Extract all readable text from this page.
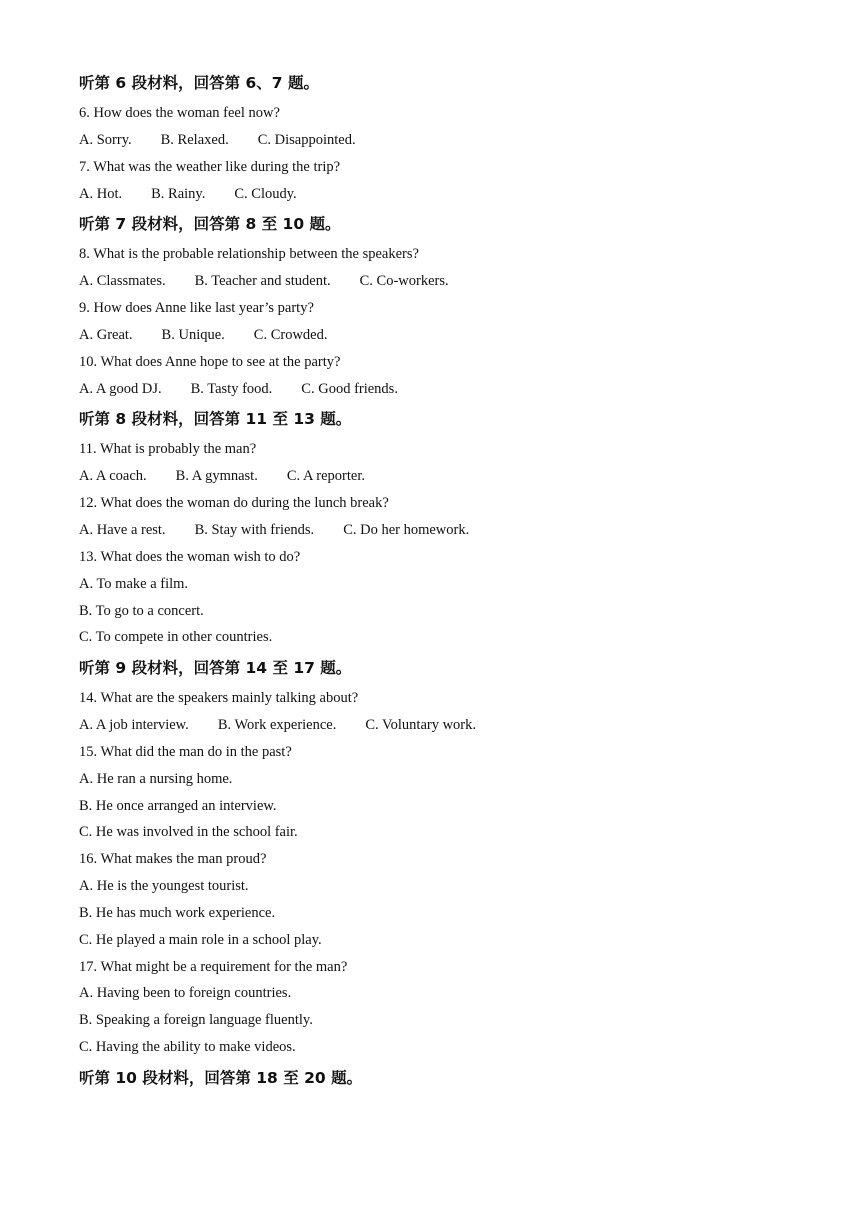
听第 6 段材料，回答第 6、7 题。

6. How does the woman feel now?

A. Sorry. B. Relaxed. C. Disappointed.

7. What was the weather like during the trip?

A. Hot. B. Rainy. C. Cloudy.

听第 7 段材料，回答第 8 至 10 题。

8. What is the probable relationship between the speakers?

A. Classmates. B. Teacher and student. C. Co-workers.

9. How does Anne like last year’s party?

A. Great. B. Unique. C. Crowded.

10. What does Anne hope to see at the party?

A. A good DJ. B. Tasty food. C. Good friends.

听第 8 段材料，回答第 11 至 13 题。

11. What is probably the man?

A. A coach. B. A gymnast. C. A reporter.

12. What does the woman do during the lunch break?

A. Have a rest. B. Stay with friends. C. Do her homework.

13. What does the woman wish to do?

A. To make a film.

B. To go to a concert.

C. To compete in other countries.

听第 9 段材料，回答第 14 至 17 题。

14. What are the speakers mainly talking about?

A. A job interview. B. Work experience. C. Voluntary work.

15. What did the man do in the past?

A. He ran a nursing home.

B. He once arranged an interview.

C. He was involved in the school fair.

16. What makes the man proud?

A. He is the youngest tourist.

B. He has much work experience.

C. He played a main role in a school play.

17. What might be a requirement for the man?

A. Having been to foreign countries.

B. Speaking a foreign language fluently.

C. Having the ability to make videos.

听第 10 段材料，回答第 18 至 20 题。
